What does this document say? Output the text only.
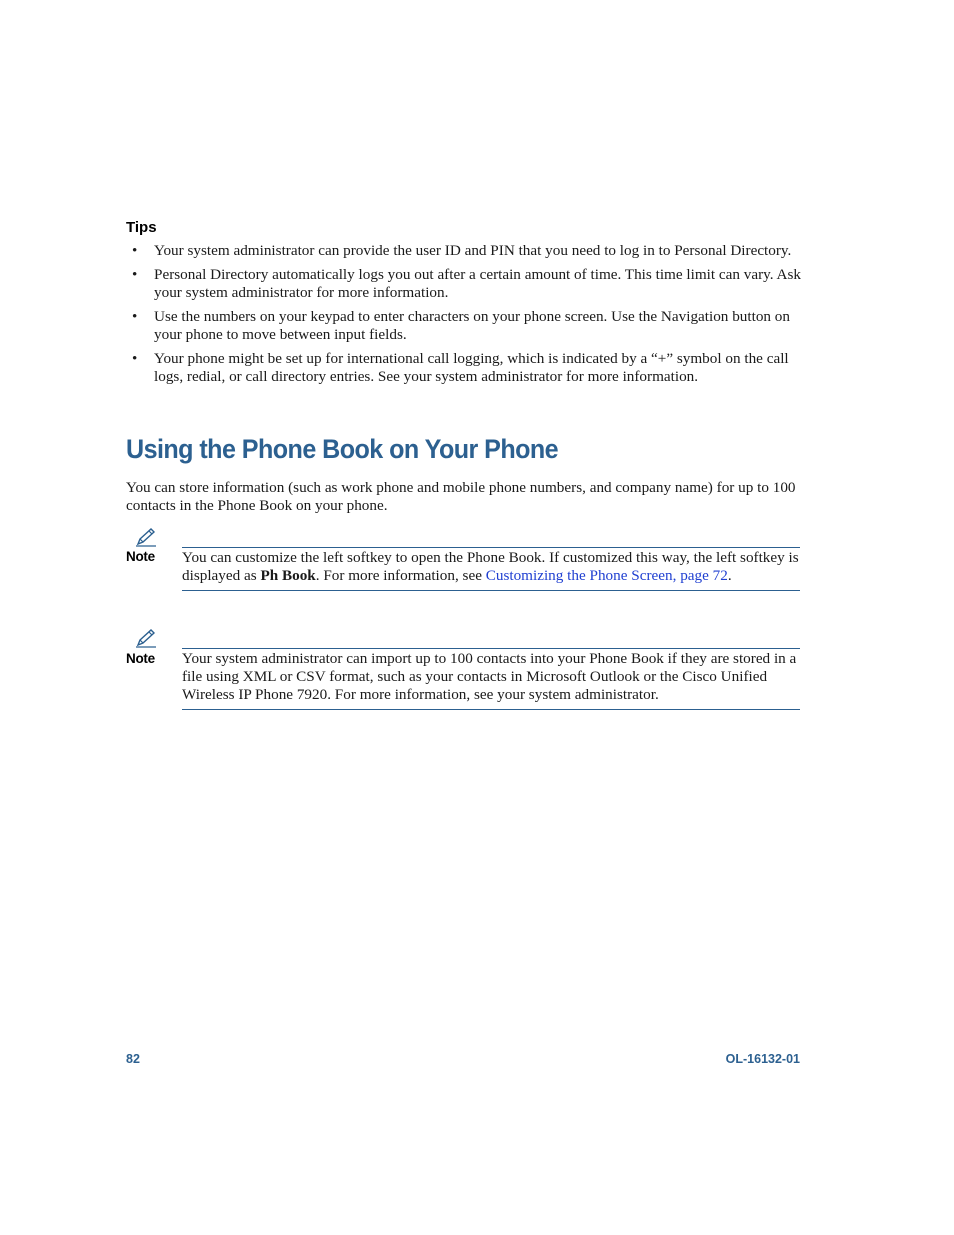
Tips
• Your system administrator can provide the user ID and PIN that you need to log in to Personal Directory.
• Personal Directory automatically logs you out after a certain amount of time. This time limit can vary. Ask your system administrator for more information.
• Use the numbers on your keypad to enter characters on your phone screen. Use the Navigation button on your phone to move between input fields.
• Your phone might be set up for international call logging, which is indicated by a “+” symbol on the call logs, redial, or call directory entries. See your system administrator for more information.
Using the Phone Book on Your Phone

You can store information (such as work phone and mobile phone numbers, and company name) for up to 100 contacts in the Phone Book on your phone.

Note You can customize the left softkey to open the Phone Book. If customized this way, the left softkey is displayed as Ph Book. For more information, see Customizing the Phone Screen, page 72.

Note Your system administrator can import up to 100 contacts into your Phone Book if they are stored in a file using XML or CSV format, such as your contacts in Microsoft Outlook or the Cisco Unified Wireless IP Phone 7920. For more information, see your system administrator.

82	OL-16132-01
